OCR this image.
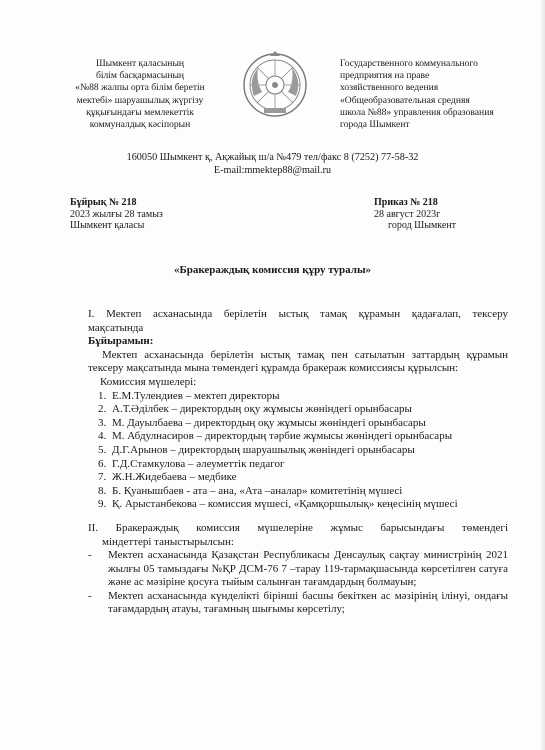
Шымкент қаласының
білім басқармасының
«№88 жалпы орта білім беретін
мектебі» шаруашылық жүргізу
құқығындағы мемлекеттік
коммуналдық кәсіпорын
Государственного коммунального
предприятия на праве
хозяйственного ведения
«Общеобразовательная средняя
школа №88» управления образования
города Шымкент
160050 Шымкент қ, Ақжайық ш/а №479 тел/факс 8 (7252) 77-58-32
E-mail:mmektep88@mail.ru
Бұйрық № 218
2023 жылғы 28 тамыз
Шымкент қаласы
Приказ № 218
28 август 2023г
город Шымкент
«Бракераждық комиссия құру туралы»
I. Мектеп асханасында берілетін ыстық тамақ құрамын қадағалап, тексеру
мақсатында
Бұйырамын:
Мектеп асханасында берілетін ыстық тамақ пен сатылатын заттардың құрамын тексеру мақсатында мына төмендегі құрамда бракераж комиссиясы құрылсын:
Комиссия мүшелері:
1. Е.М.Тулендиев – мектеп директоры
2. А.Т.Әділбек – директордың оқу жұмысы жөніндегі орынбасары
3. М. Дауылбаева – директордың оқу жұмысы жөніндегі орынбасары
4. М. Абдулнасиров – директордың тәрбие жұмысы жөніндегі орынбасары
5. Д.Г.Арынов – директордың шаруашылық жөніндегі орынбасары
6. Г.Д.Стамкулова – әлеуметтік педагог
7. Ж.Н.Жидебаева – медбике
8. Б. Қуанышбаев - ата – ана, «Ата –аналар» комитетінің мүшесі
9. Қ. Арыстанбекова – комиссия мүшесі, «Қамқоршылық» кеңесінің мүшесі
II. Бракераждық комиссия мүшелеріне жұмыс барысындағы төмендегі
міндеттері таныстырылсын:
- Мектеп асханасында Қазақстан Республикасы Денсаулық сақтау министрінің 2021 жылғы 05 тамыздағы №ҚР ДСМ-76 7 –тарау 119-тармақшасында көрсетілген сатуға және ас мәзіріне қосуға тыйым салынған тағамдардың болмауын;
- Мектеп асханасында күнделікті бірінші басшы бекіткен ас мәзірінің ілінуі, ондағы тағамдардың атауы, тағамның шығымы көрсетілу;
